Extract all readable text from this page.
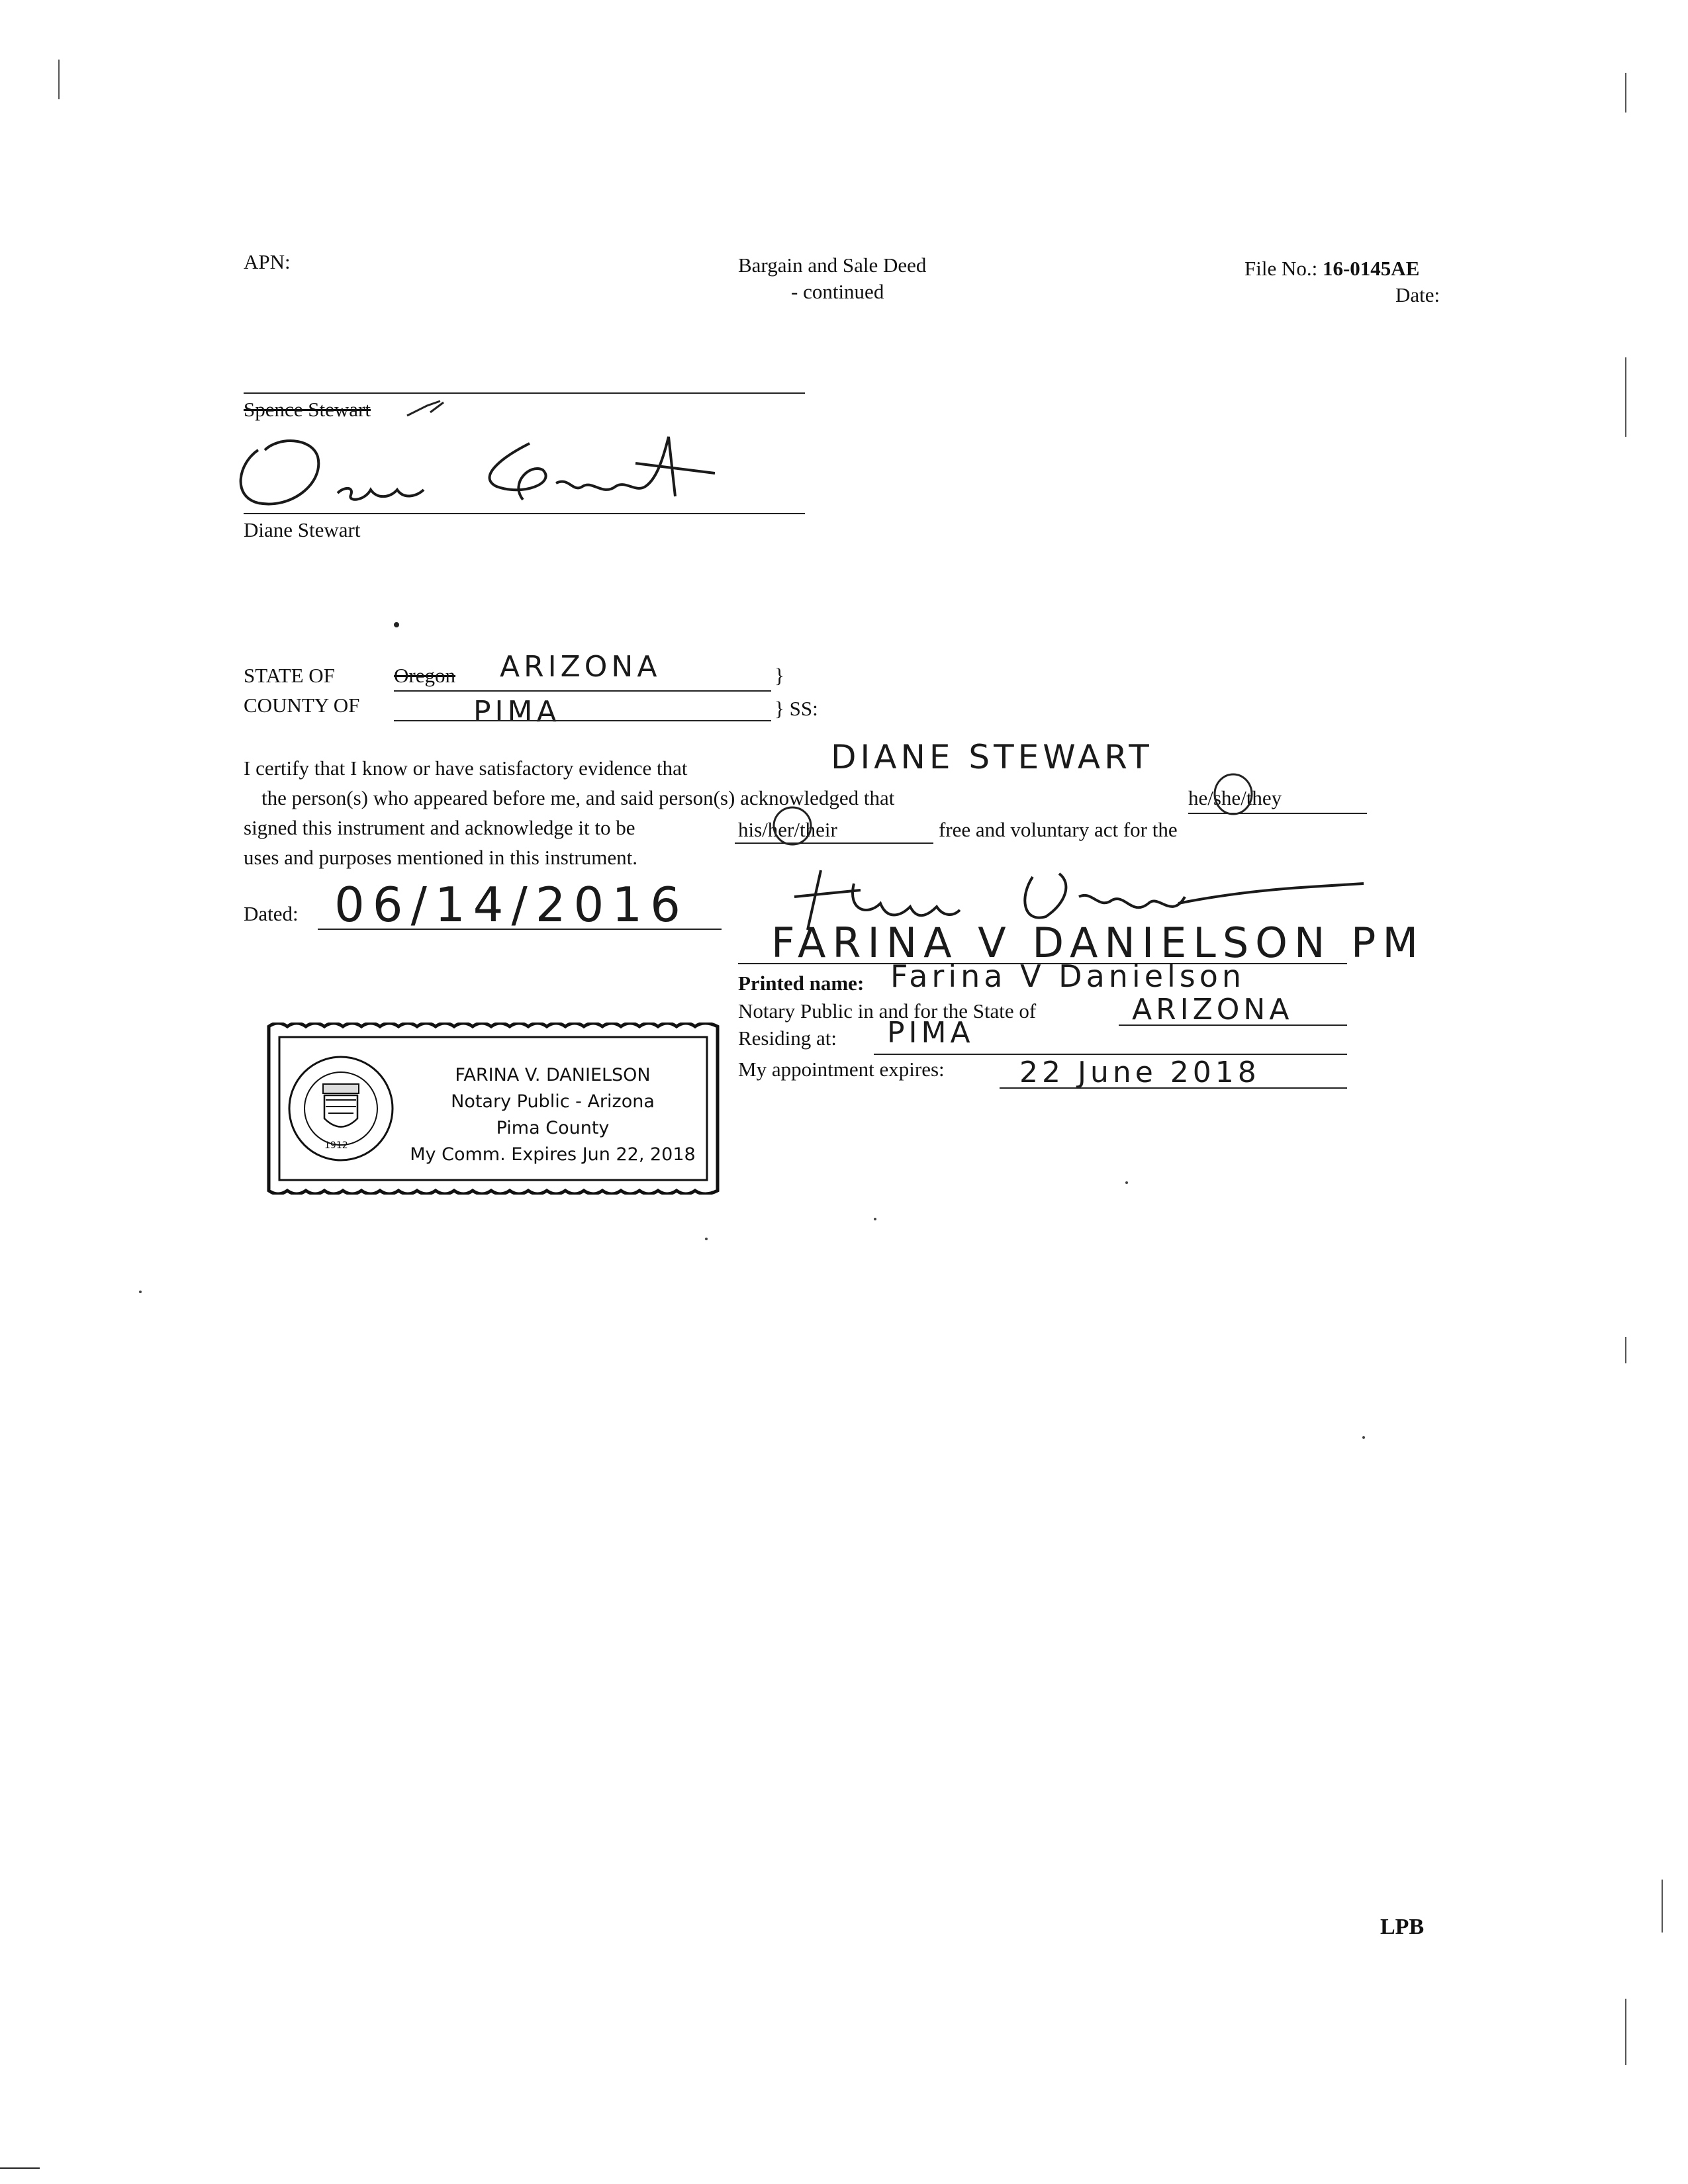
APN:	Bargain and Sale Deed
- continued
File No.: 16-0145AE
Date:
Spence Stewart
Diane Stewart
STATE OF	Oregon ARIZONA	}
COUNTY OF	PIMA	} SS:
I certify that I know or have satisfactory evidence that	DIANE STEWART
the person(s) who appeared before me, and said person(s) acknowledged that	he/she/they
signed this instrument and acknowledge it to be	his/her/their	free and voluntary act for the
uses and purposes mentioned in this instrument.
Dated: 06/14/2016
FARINA V DANIELSON PM
Printed name: Farina V Danielson
Notary Public in and for the State of	ARIZONA
Residing at: PIMA
My appointment expires:	22 June 2018
1912
FARINA V. DANIELSON
Notary Public - Arizona
Pima County
My Comm. Expires Jun 22, 2018
LPB
